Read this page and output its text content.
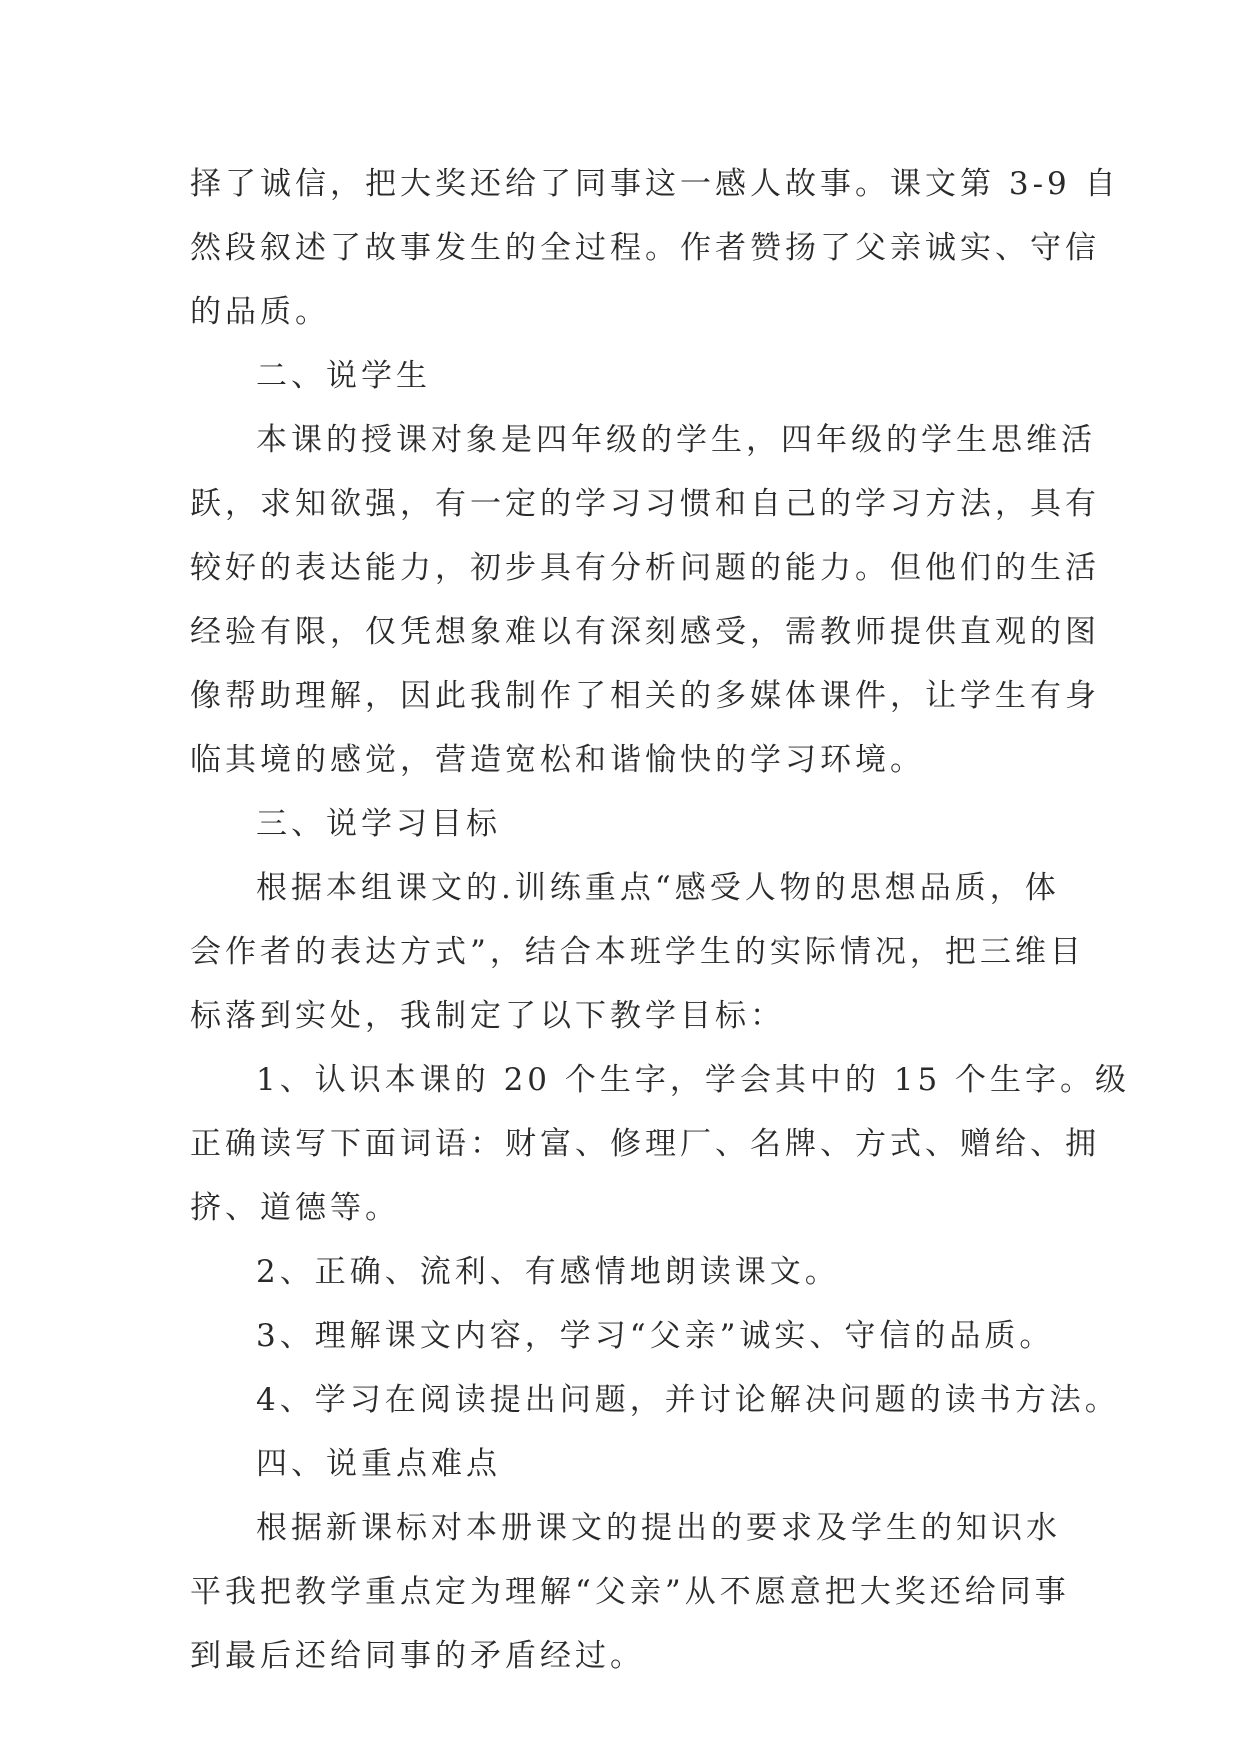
择了诚信，把大奖还给了同事这一感人故事。课文第 3-9 自
然段叙述了故事发生的全过程。作者赞扬了父亲诚实、守信
的品质。
二、说学生
本课的授课对象是四年级的学生，四年级的学生思维活
跃，求知欲强，有一定的学习习惯和自己的学习方法，具有
较好的表达能力，初步具有分析问题的能力。但他们的生活
经验有限，仅凭想象难以有深刻感受，需教师提供直观的图
像帮助理解，因此我制作了相关的多媒体课件，让学生有身
临其境的感觉，营造宽松和谐愉快的学习环境。
三、说学习目标
根据本组课文的.训练重点“感受人物的思想品质，体
会作者的表达方式”，结合本班学生的实际情况，把三维目
标落到实处，我制定了以下教学目标：
1、认识本课的 20 个生字，学会其中的 15 个生字。级
正确读写下面词语：财富、修理厂、名牌、方式、赠给、拥
挤、道德等。
2、正确、流利、有感情地朗读课文。
3、理解课文内容，学习“父亲”诚实、守信的品质。
4、学习在阅读提出问题，并讨论解决问题的读书方法。
四、说重点难点
根据新课标对本册课文的提出的要求及学生的知识水
平我把教学重点定为理解“父亲”从不愿意把大奖还给同事
到最后还给同事的矛盾经过。
